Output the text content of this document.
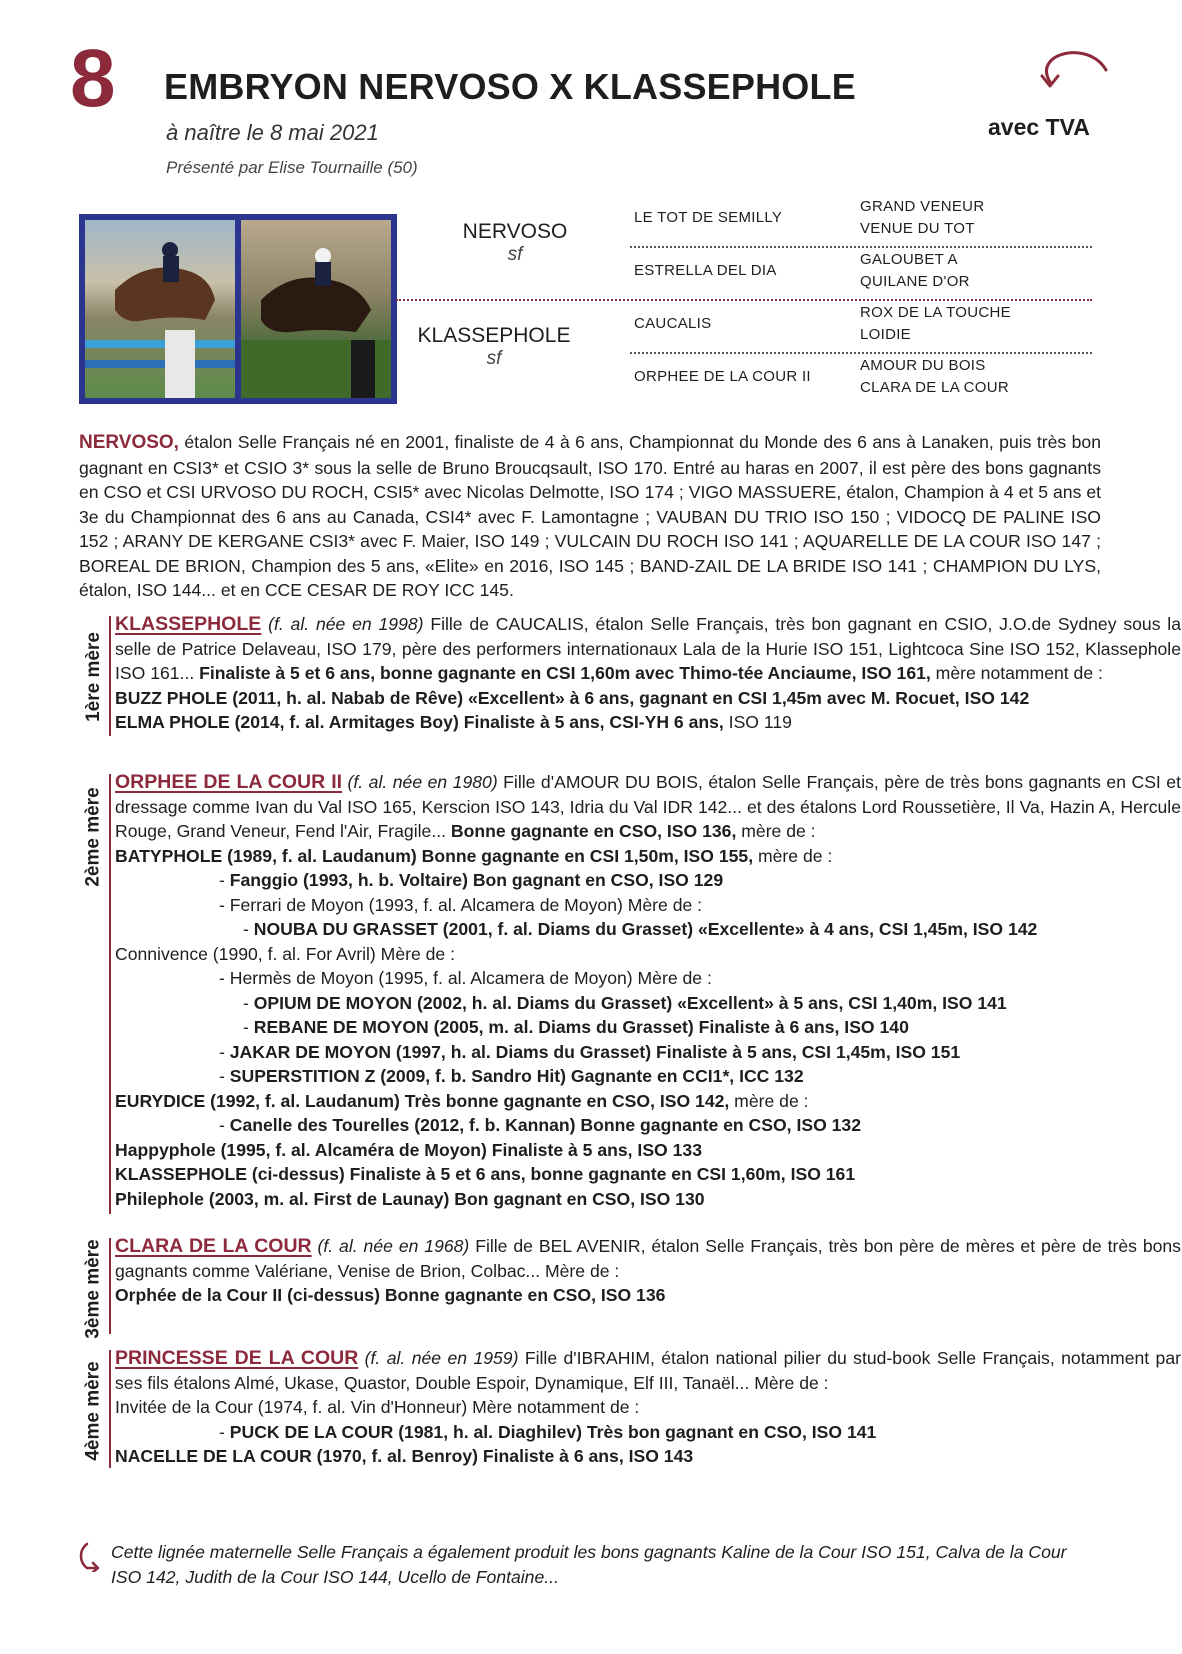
8 EMBRYON NERVOSO X KLASSEPHOLE
à naître le 8 mai 2021
Présenté par Elise Tournaille (50)
avec TVA
NERVOSO
sf
KLASSEPHOLE
sf
LE TOT DE SEMILLY
ESTRELLA DEL DIA
CAUCALIS
ORPHEE DE LA COUR II
GRAND VENEUR
VENUE DU TOT
GALOUBET A
QUILANE D'OR
ROX DE LA TOUCHE
LOIDIE
AMOUR DU BOIS
CLARA DE LA COUR
NERVOSO, étalon Selle Français né en 2001, finaliste de 4 à 6 ans, Championnat du Monde des 6 ans à Lanaken, puis très bon gagnant en CSI3* et CSIO 3* sous la selle de Bruno Broucqsault, ISO 170. Entré au haras en 2007, il est père des bons gagnants en CSO et CSI URVOSO DU ROCH, CSI5* avec Nicolas Delmotte, ISO 174 ; VIGO MASSUERE, étalon, Champion à 4 et 5 ans et 3e du Championnat des 6 ans au Canada, CSI4* avec F. Lamontagne ; VAUBAN DU TRIO ISO 150 ; VIDOCQ DE PALINE ISO 152 ; ARANY DE KERGANE CSI3* avec F. Maier, ISO 149 ; VULCAIN DU ROCH ISO 141 ; AQUARELLE DE LA COUR ISO 147 ; BOREAL DE BRION, Champion des 5 ans, «Elite» en 2016, ISO 145 ; BAND-ZAIL DE LA BRIDE ISO 141 ; CHAMPION DU LYS, étalon, ISO 144... et en CCE CESAR DE ROY ICC 145.
1ère mère
KLASSEPHOLE (f. al. née en 1998) Fille de CAUCALIS, étalon Selle Français, très bon gagnant en CSIO, J.O.de Sydney sous la selle de Patrice Delaveau, ISO 179, père des performers internationaux Lala de la Hurie ISO 151, Lightcoca Sine ISO 152, Klassephole ISO 161... Finaliste à 5 et 6 ans, bonne gagnante en CSI 1,60m avec Thimo-tée Anciaume, ISO 161, mère notamment de :
BUZZ PHOLE (2011, h. al. Nabab de Rêve) «Excellent» à 6 ans, gagnant en CSI 1,45m avec M. Rocuet, ISO 142
ELMA PHOLE (2014, f. al. Armitages Boy) Finaliste à 5 ans, CSI-YH 6 ans, ISO 119
2ème mère
ORPHEE DE LA COUR II (f. al. née en 1980) Fille d'AMOUR DU BOIS, étalon Selle Français, père de très bons gagnants en CSI et dressage comme Ivan du Val ISO 165, Kerscion ISO 143, Idria du Val IDR 142... et des étalons Lord Roussetière, Il Va, Hazin A, Hercule Rouge, Grand Veneur, Fend l'Air, Fragile... Bonne gagnante en CSO, ISO 136, mère de :
BATYPHOLE (1989, f. al. Laudanum) Bonne gagnante en CSI 1,50m, ISO 155, mère de :
- Fanggio (1993, h. b. Voltaire) Bon gagnant en CSO, ISO 129
- Ferrari de Moyon (1993, f. al. Alcamera de Moyon) Mère de :
- NOUBA DU GRASSET (2001, f. al. Diams du Grasset) «Excellente» à 4 ans, CSI 1,45m, ISO 142
Connivence (1990, f. al. For Avril) Mère de :
- Hermès de Moyon (1995, f. al. Alcamera de Moyon) Mère de :
- OPIUM DE MOYON (2002, h. al. Diams du Grasset) «Excellent» à 5 ans, CSI 1,40m, ISO 141
- REBANE DE MOYON (2005, m. al. Diams du Grasset) Finaliste à 6 ans, ISO 140
- JAKAR DE MOYON (1997, h. al. Diams du Grasset) Finaliste à 5 ans, CSI 1,45m, ISO 151
- SUPERSTITION Z (2009, f. b. Sandro Hit) Gagnante en CCI1*, ICC 132
EURYDICE (1992, f. al. Laudanum) Très bonne gagnante en CSO, ISO 142, mère de :
- Canelle des Tourelles (2012, f. b. Kannan) Bonne gagnante en CSO, ISO 132
Happyphole (1995, f. al. Alcaméra de Moyon) Finaliste à 5 ans, ISO 133
KLASSEPHOLE (ci-dessus) Finaliste à 5 et 6 ans, bonne gagnante en CSI 1,60m, ISO 161
Philephole (2003, m. al. First de Launay) Bon gagnant en CSO, ISO 130
3ème mère CLARA DE LA COUR (f. al. née en 1968) Fille de BEL AVENIR, étalon Selle Français, très bon père de mères et père de très bons gagnants comme Valériane, Venise de Brion, Colbac... Mère de :
Orphée de la Cour II (ci-dessus) Bonne gagnante en CSO, ISO 136
4ème mère
PRINCESSE DE LA COUR (f. al. née en 1959) Fille d'IBRAHIM, étalon national pilier du stud-book Selle Français, notamment par ses fils étalons Almé, Ukase, Quastor, Double Espoir, Dynamique, Elf III, Tanaël... Mère de :
Invitée de la Cour (1974, f. al. Vin d'Honneur) Mère notamment de :
- PUCK DE LA COUR (1981, h. al. Diaghilev) Très bon gagnant en CSO, ISO 141
NACELLE DE LA COUR (1970, f. al. Benroy) Finaliste à 6 ans, ISO 143
Cette lignée maternelle Selle Français a également produit les bons gagnants Kaline de la Cour ISO 151, Calva de la Cour ISO 142, Judith de la Cour ISO 144, Ucello de Fontaine...
